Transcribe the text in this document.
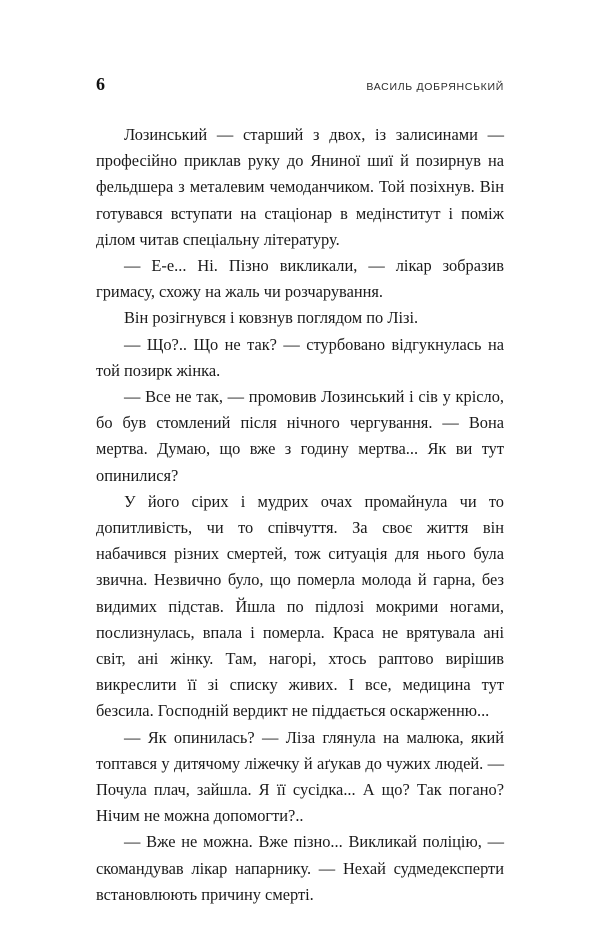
6	ВАСИЛЬ ДОБРЯНСЬКИЙ

Лозинський — старший з двох, із залисинами — професійно приклав руку до Яниної шиї й позирнув на фельдшера з металевим чемоданчиком. Той позіхнув. Він готувався вступати на стаціонар в медінститут і поміж ділом читав спеціальну літературу.

— Е-е... Ні. Пізно викликали, — лікар зобразив гримасу, схожу на жаль чи розчарування.

Він розігнувся і ковзнув поглядом по Лізі.

— Що?.. Що не так? — стурбовано відгукнулась на той позирк жінка.

— Все не так, — промовив Лозинський і сів у крісло, бо був стомлений після нічного чергування. — Вона мертва. Думаю, що вже з годину мертва... Як ви тут опинилися?

У його сірих і мудрих очах промайнула чи то допитливість, чи то співчуття. За своє життя він набачився різних смертей, тож ситуація для нього була звична. Незвично було, що померла молода й гарна, без видимих підстав. Йшла по підлозі мокрими ногами, послизнулась, впала і померла. Краса не врятувала ані світ, ані жінку. Там, нагорі, хтось раптово вирішив викреслити її зі списку живих. І все, медицина тут безсила. Господній вердикт не піддається оскарженню...

— Як опинилась? — Ліза глянула на малюка, який топтався у дитячому ліжечку й аґукав до чужих людей. — Почула плач, зайшла. Я її сусідка... А що? Так погано? Нічим не можна допомогти?..

— Вже не можна. Вже пізно... Викликай поліцію, — скомандував лікар напарнику. — Нехай судмедексперти встановлюють причину смерті.
